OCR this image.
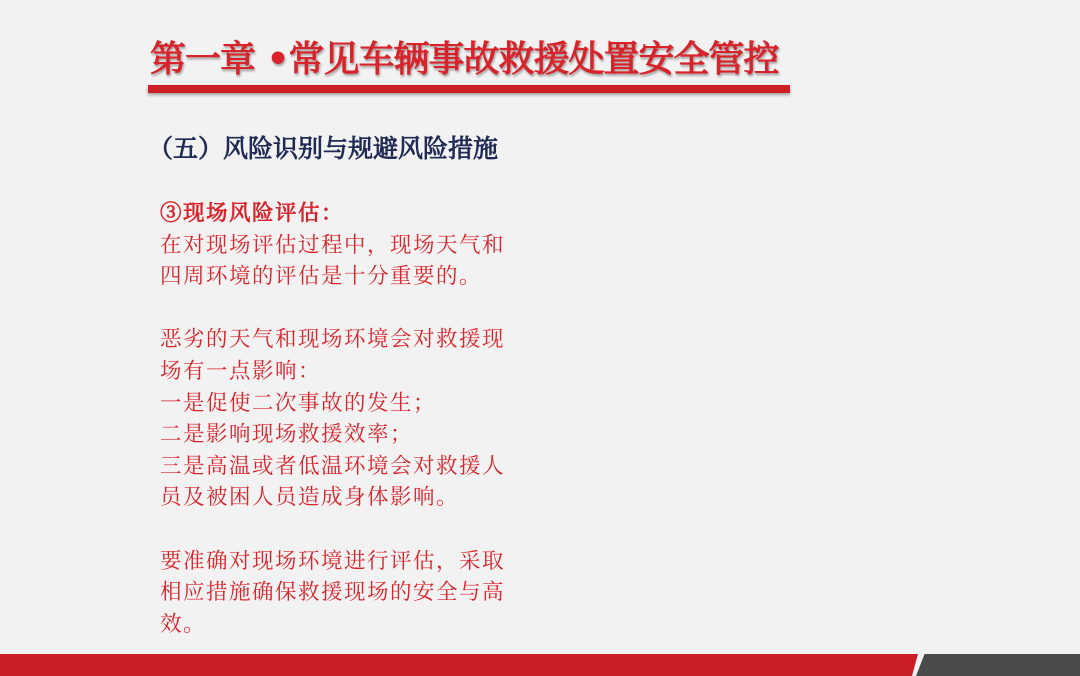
第一章 •常见车辆事故救援处置安全管控
（五）风险识别与规避风险措施
③现场风险评估：
在对现场评估过程中，现场天气和
四周环境的评估是十分重要的。
恶劣的天气和现场环境会对救援现
场有一点影响：
一是促使二次事故的发生；
二是影响现场救援效率；
三是高温或者低温环境会对救援人
员及被困人员造成身体影响。
要准确对现场环境进行评估，采取
相应措施确保救援现场的安全与高
效。
